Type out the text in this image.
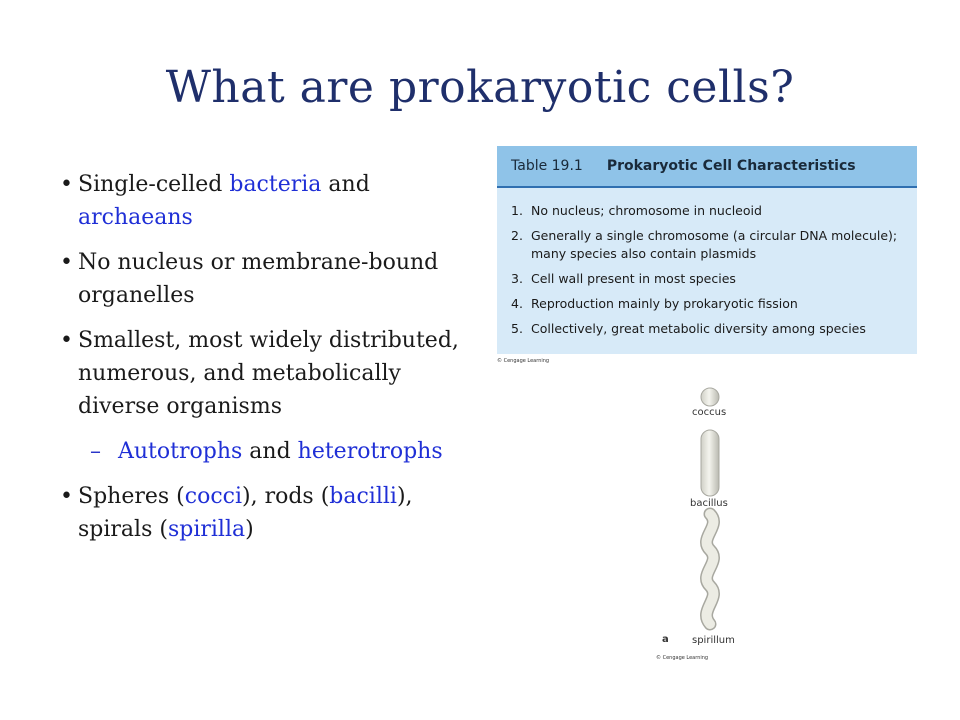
What are prokaryotic cells?
• Single-celled bacteria and archaeans
• No nucleus or membrane-bound organelles
• Smallest, most widely distributed, numerous, and metabolically diverse organisms
– Autotrophs and heterotrophs
• Spheres (cocci), rods (bacilli), spirals (spirilla)
Table 19.1 Prokaryotic Cell Characteristics
1. No nucleus; chromosome in nucleoid
2. Generally a single chromosome (a circular DNA molecule); many species also contain plasmids
3. Cell wall present in most species
4. Reproduction mainly by prokaryotic fission
5. Collectively, great metabolic diversity among species
© Cengage Learning
coccus
bacillus
spirillum
a
© Cengage Learning
